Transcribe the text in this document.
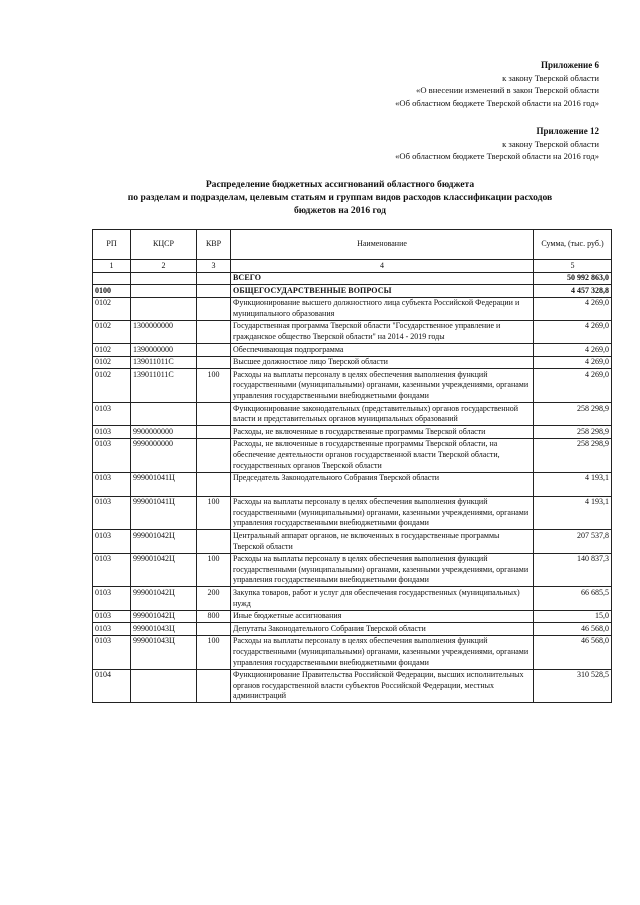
Приложение 6
к закону Тверской области
«О внесении изменений в закон Тверской области
«Об областном бюджете Тверской области на 2016 год»
Приложение 12
к закону Тверской области
«Об областном бюджете Тверской области на 2016 год»
Распределение бюджетных ассигнований областного бюджета
по разделам и подразделам, целевым статьям и группам видов расходов классификации расходов
бюджетов на 2016 год
РП	КЦСР	КВР	Наименование	Сумма, (тыс. руб.)
1	2	3	4	5
			ВСЕГО	50 992 863,0
0100			ОБЩЕГОСУДАРСТВЕННЫЕ ВОПРОСЫ	4 457 328,8
0102			Функционирование высшего должностного лица субъекта Российской Федерации и муниципального образования	4 269,0
0102	1300000000		Государственная программа Тверской области "Государственное управление и гражданское общество Тверской области" на 2014 - 2019 годы	4 269,0
0102	1390000000		Обеспечивающая подпрограмма	4 269,0
0102	139011011С		Высшее должностное лицо Тверской области	4 269,0
0102	139011011С	100	Расходы на выплаты персоналу в целях обеспечения выполнения функций государственными (муниципальными) органами, казенными учреждениями, органами управления государственными внебюджетными фондами	4 269,0
0103			Функционирование законодательных (представительных) органов государственной власти и представительных органов муниципальных образований	258 298,9
0103	9900000000		Расходы, не включенные в государственные программы Тверской области	258 298,9
0103	9990000000		Расходы, не включенные в государственные программы Тверской области, на обеспечение деятельности органов государственной власти Тверской области, государственных органов Тверской области	258 298,9
0103	999001041Ц		Председатель Законодательного Собрания Тверской области	4 193,1
0103	999001041Ц	100	Расходы на выплаты персоналу в целях обеспечения выполнения функций государственными (муниципальными) органами, казенными учреждениями, органами управления государственными внебюджетными фондами	4 193,1
0103	999001042Ц		Центральный аппарат органов, не включенных в государственные программы Тверской области	207 537,8
0103	999001042Ц	100	Расходы на выплаты персоналу в целях обеспечения выполнения функций государственными (муниципальными) органами, казенными учреждениями, органами управления государственными внебюджетными фондами	140 837,3
0103	999001042Ц	200	Закупка товаров, работ и услуг для обеспечения государственных (муниципальных) нужд	66 685,5
0103	999001042Ц	800	Иные бюджетные ассигнования	15,0
0103	999001043Ц		Депутаты Законодательного Собрания Тверской области	46 568,0
0103	999001043Ц	100	Расходы на выплаты персоналу в целях обеспечения выполнения функций государственными (муниципальными) органами, казенными учреждениями, органами управления государственными внебюджетными фондами	46 568,0
0104			Функционирование Правительства Российской Федерации, высших исполнительных органов государственной власти субъектов Российской Федерации, местных администраций	310 528,5
